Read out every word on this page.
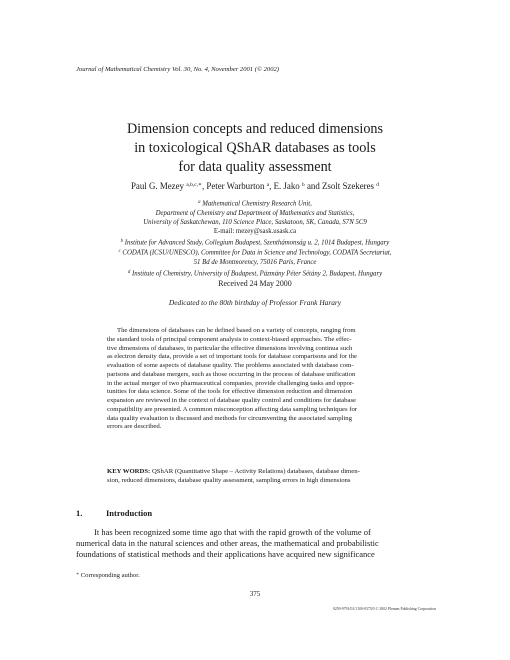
Journal of Mathematical Chemistry Vol. 30, No. 4, November 2001 (© 2002)
Dimension concepts and reduced dimensions
in toxicological QShAR databases as tools
for data quality assessment
Paul G. Mezey $^{a,b,c,∗}$, Peter Warburton $^a$, E. Jako $^b$ and Zsolt Szekeres $^d$
$^a$ Mathematical Chemistry Research Unit,
Department of Chemistry and Department of Mathematics and Statistics,
University of Saskatchewan, 110 Science Place, Saskatoon, SK, Canada, S7N 5C9
E-mail: mezey@sask.usask.ca
$^b$ Institute for Advanced Study, Collegium Budapest, Szenthámonság u. 2, 1014 Budapest, Hungary
$^c$ CODATA (ICSU/UNESCO), Committee for Data in Science and Technology, CODATA Secretariat,
51 Bd de Montmorency, 75016 Paris, France
$^d$ Institute of Chemistry, University of Budapest, Pázmány Péter Sétány 2, Budapest, Hungary
Received 24 May 2000
Dedicated to the 80th birthday of Professor Frank Harary
The dimensions of databases can be defined based on a variety of concepts, ranging from
the standard tools of principal component analysis to context-biased approaches. The effec-
tive dimensions of databases, in particular the effective dimensions involving continua such
as electron density data, provide a set of important tools for database comparisons and for the
evaluation of some aspects of database quality. The problems associated with database com-
parisons and database mergers, such as those occurring in the process of database unification
in the actual merger of two pharmaceutical companies, provide challenging tasks and oppor-
tunities for data science. Some of the tools for effective dimension reduction and dimension
expansion are reviewed in the context of database quality control and conditions for database
compatibility are presented. A common misconception affecting data sampling techniques for
data quality evaluation is discussed and methods for circumventing the associated sampling
errors are described.
KEY WORDS: QShAR (Quantitative Shape – Activity Relations) databases, database dimen-
sion, reduced dimensions, database quality assessment, sampling errors in high dimensions
1.	Introduction
It has been recognized some time ago that with the rapid growth of the volume of
numerical data in the natural sciences and other areas, the mathematical and probabilistic
foundations of statistical methods and their applications have acquired new significance
∗ Corresponding author.
375
0259-9791/01/1100-0375/0 © 2002 Plenum Publishing Corporation
